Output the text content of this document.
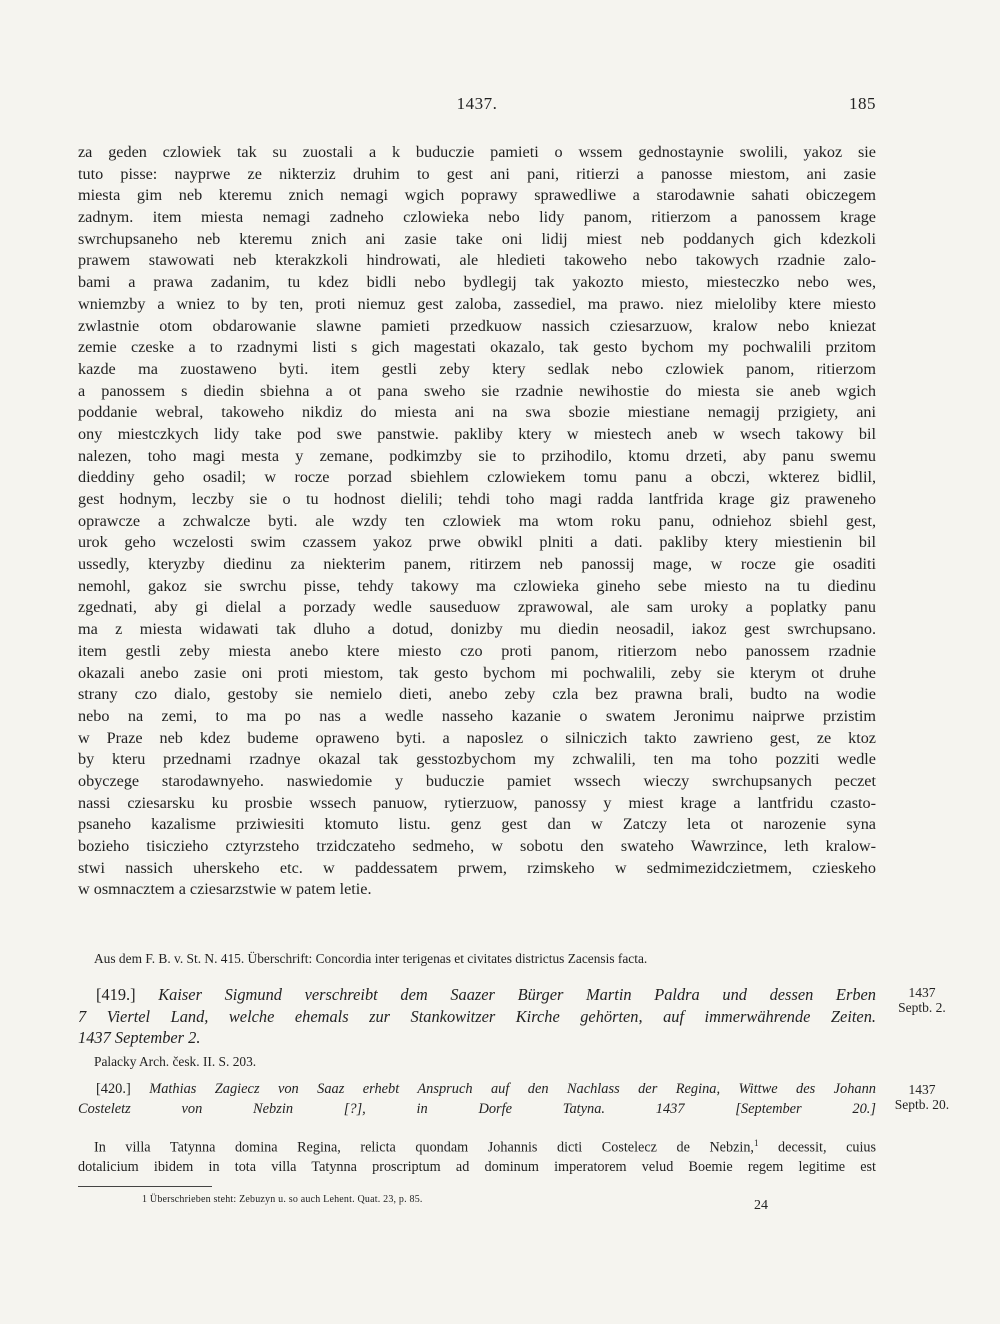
1437.	185
za geden czlowiek tak su zuostali a k buduczie pamieti o wssem gednostaynie swolili, yakoz sie
tuto pisse: nayprwe ze nikterziz druhim to gest ani pani, ritierzi a panosse miestom, ani zasie
miesta gim neb kteremu znich nemagi wgich poprawy sprawedliwe a starodawnie sahati obiczegem
zadnym. item miesta nemagi zadneho czlowieka nebo lidy panom, ritierzom a panossem krage
swrchupsaneho neb kteremu znich ani zasie take oni lidij miest neb poddanych gich kdezkoli
prawem stawowati neb kterakzkoli hindrowati, ale hledieti takoweho nebo takowych rzadnie zalo-
bami a prawa zadanim, tu kdez bidli nebo bydlegij tak yakozto miesto, miesteczko nebo wes,
wniemzby a wniez to by ten, proti niemuz gest zaloba, zassediel, ma prawo. niez mieloliby ktere miesto
zwlastnie otom obdarowanie slawne pamieti przedkuow nassich cziesarzuow, kralow nebo kniezat
zemie czeske a to rzadnymi listi s gich magestati okazalo, tak gesto bychom my pochwalili przitom
kazde ma zuostaweno byti. item gestli zeby ktery sedlak nebo czlowiek panom, ritierzom
a panossem s diedin sbiehna a ot pana sweho sie rzadnie newihostie do miesta sie aneb wgich
poddanie webral, takoweho nikdiz do miesta ani na swa sbozie miestiane nemagij przigiety, ani
ony miestczkych lidy take pod swe panstwie. pakliby ktery w miestech aneb w wsech takowy bil
nalezen, toho magi mesta y zemane, podkimzby sie to przihodilo, ktomu drzeti, aby panu swemu
dieddiny geho osadil; w rocze porzad sbiehlem czlowiekem tomu panu a obczi, wkterez bidlil,
gest hodnym, leczby sie o tu hodnost dielili; tehdi toho magi radda lantfrida krage giz praweneho
oprawcze a zchwalcze byti. ale wzdy ten czlowiek ma wtom roku panu, odniehoz sbiehl gest,
urok geho wczelosti swim czassem yakoz prwe obwikl plniti a dati. pakliby ktery miestienin bil
ussedly, kteryzby diedinu za niekterim panem, ritirzem neb panossij mage, w rocze gie osaditi
nemohl, gakoz sie swrchu pisse, tehdy takowy ma czlowieka gineho sebe miesto na tu diedinu
zgednati, aby gi dielal a porzady wedle sauseduow zprawowal, ale sam uroky a poplatky panu
ma z miesta widawati tak dluho a dotud, donizby mu diedin neosadil, iakoz gest swrchupsano.
item gestli zeby miesta anebo ktere miesto czo proti panom, ritierzom nebo panossem rzadnie
okazali anebo zasie oni proti miestom, tak gesto bychom mi pochwalili, zeby sie kterym ot druhe
strany czo dialo, gestoby sie nemielo dieti, anebo zeby czla bez prawna brali, budto na wodie
nebo na zemi, to ma po nas a wedle nasseho kazanie o swatem Jeronimu naiprwe przistim
w Praze neb kdez budeme opraweno byti. a naposlez o silniczich takto zawrieno gest, ze ktoz
by kteru przednami rzadnye okazal tak gesstozbychom my zchwalili, ten ma toho pozziti wedle
obyczege starodawnyeho. naswiedomie y buduczie pamiet wssech wieczy swrchupsanych peczet
nassi cziesarsku ku prosbie wssech panuow, rytierzuow, panossy y miest krage a lantfridu czasto-
psaneho kazalisme prziwiesiti ktomuto listu. genz gest dan w Zatczy leta ot narozenie syna
bozieho tisiczieho cztyrzsteho trzidczateho sedmeho, w sobotu den swateho Wawrzince, leth kralow-
stwi nassich uherskeho etc. w paddessatem prwem, rzimskeho w sedmimezidcziеtmem, czieskeho
w osmnacztem a cziesarzstwie w patem letie.
Aus dem F. B. v. St. N. 415. Überschrift: Concordia inter terigenas et civitates districtus Zacensis facta.
[419.] Kaiser Sigmund verschreibt dem Saazer Bürger Martin Paldra und dessen Erben
7 Viertel Land, welche ehemals zur Stankowitzer Kirche gehörten, auf immerwährende Zeiten.
1437 September 2.
1437
Septb. 2.
Palacky Arch. česk. II. S. 203.
[420.] Mathias Zagiecz von Saaz erhebt Anspruch auf den Nachlass der Regina, Wittwe des Johann
Costeletz von Nebzin [?], in Dorfe Tatyna. 1437 [September 20.]
1437
Septb. 20.
In villa Tatynna domina Regina, relicta quondam Johannis dicti Costelecz de Nebzin,$^1$ decessit, cuius
dotalicium ibidem in tota villa Tatynna proscriptum ad dominum imperatorem velud Boemie regem legitime est
1 Überschrieben steht: Zebuzyn u. so auch Lehent. Quat. 23, p. 85.	24
